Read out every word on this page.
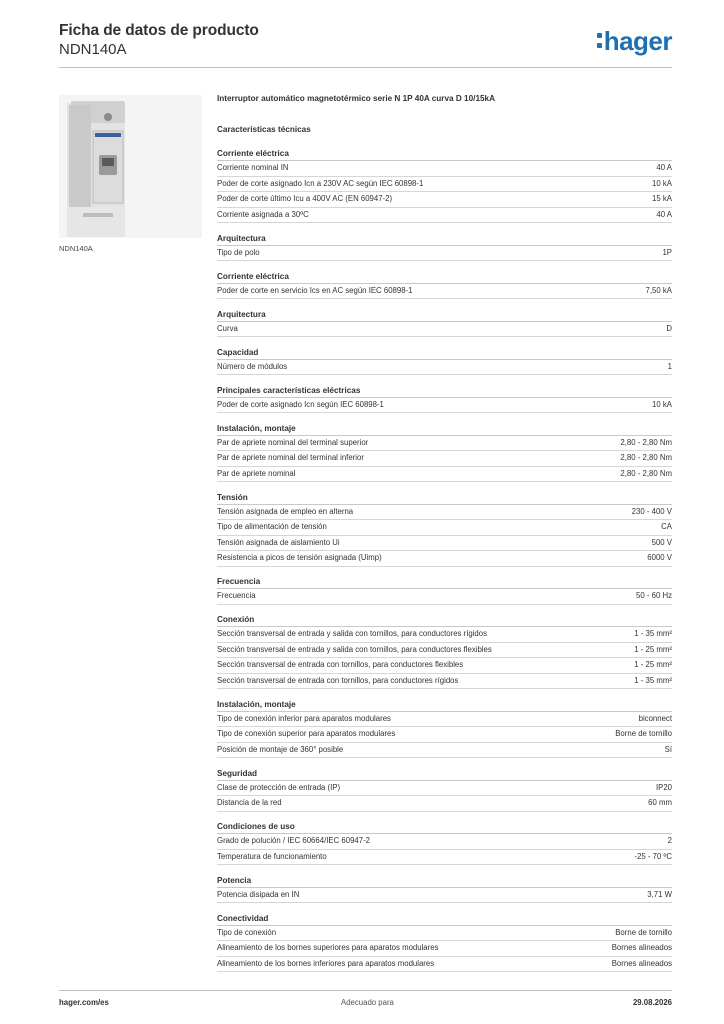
Ficha de datos de producto
NDN140A	hager
NDN140A
Interruptor automático magnetotérmico serie N 1P 40A curva D 10/15kA
Características técnicas
Corriente eléctrica
Corriente nominal IN	40 A
Poder de corte asignado Icn a 230V AC según IEC 60898-1	10 kA
Poder de corte último Icu a 400V AC (EN 60947-2)	15 kA
Corriente asignada a 30ºC	40 A
Arquitectura
Tipo de polo	1P
Corriente eléctrica
Poder de corte en servicio Ics en AC según IEC 60898-1	7,50 kA
Arquitectura
Curva	D
Capacidad
Número de módulos	1
Principales características eléctricas
Poder de corte asignado Icn según IEC 60898-1	10 kA
Instalación, montaje
Par de apriete nominal del terminal superior	2,80 - 2,80 Nm
Par de apriete nominal del terminal inferior	2,80 - 2,80 Nm
Par de apriete nominal	2,80 - 2,80 Nm
Tensión
Tensión asignada de empleo en alterna	230 - 400 V
Tipo de alimentación de tensión	CA
Tensión asignada de aislamiento Ui	500 V
Resistencia a picos de tensión asignada (Uimp)	6000 V
Frecuencia
Frecuencia	50 - 60 Hz
Conexión
Sección transversal de entrada y salida con tornillos, para conductores rígidos	1 - 35 mm²
Sección transversal de entrada y salida con tornillos, para conductores flexibles	1 - 25 mm²
Sección transversal de entrada con tornillos, para conductores flexibles	1 - 25 mm²
Sección transversal de entrada con tornillos, para conductores rígidos	1 - 35 mm²
Instalación, montaje
Tipo de conexión inferior para aparatos modulares	biconnect
Tipo de conexión superior para aparatos modulares	Borne de tornillo
Posición de montaje de 360° posible	Sí
Seguridad
Clase de protección de entrada (IP)	IP20
Distancia de la red	60 mm
Condiciones de uso
Grado de polución / IEC 60664/IEC 60947-2	2
Temperatura de funcionamiento	-25 - 70 ºC
Potencia
Potencia disipada en IN	3,71 W
Conectividad
Tipo de conexión	Borne de tornillo
Alineamiento de los bornes superiores para aparatos modulares	Bornes alineados
Alineamiento de los bornes inferiores para aparatos modulares	Bornes alineados
hager.com/es	Adecuado para	29.08.2026
